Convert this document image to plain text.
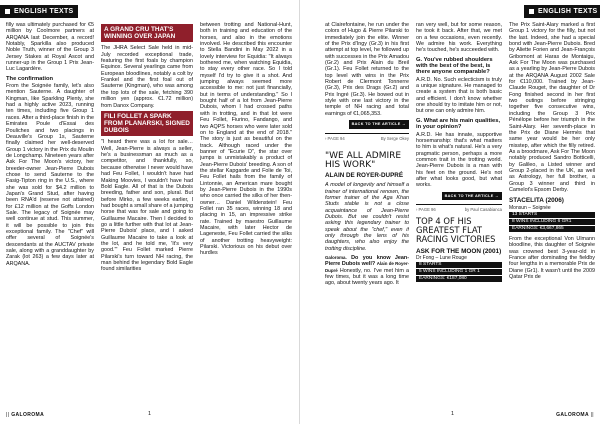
ENGLISH TEXTS

filly was ultimately purchased for €5 million by Coolmore partners at ARQANA last December, a record! Notably, Sparkilla also produced Noble Truth, winner of the Group 3 Jersey Stakes at Royal Ascot and runner-up in the Group 1 Prix Jean-Luc Lagardère.

The confirmation

From the Soignée family, let's also mention Sauterne. A daughter of Kingman, like Sparkling Plenty, she had a highly active 2023, running ten times, including five Group 1 races. After a third-place finish in the Emirates Poule d'Essai des Pouliches and two placings in Deauville's Group 1s, Sauterne finally claimed her well-deserved Group 1 victory in the Prix du Moulin de Longchamp. Nineteen years after Ask For The Moon's victory, her breeder-owner Jean-Pierre Dubois chose to send Sauterne to the Fasig-Tipton ring in the U.S., where she was sold for $4.2 million to Japan's Grand Stud, after having been RNA'd (reserve not attained) for £12 million at the Goffs London Sale. The legacy of Soignée may well continue at stud. This summer, it will be possible to join this exceptional family. The "Chef" will offer several of Soignée's descendants at the AUCTAV private sale, along with a granddaughter by Zarak (lot 263) a few days later at ARQANA.

A GRAND CRU THAT'S WINNING OVER JAPAN

The JHRA Select Sale held in mid-July recorded exceptional trade, featuring the first foals by champion Equinox. Several yearlings came from European bloodlines, notably a colt by Frankel and the first foal out of Sauterne (Kingman), who was among the top lots of the sale, fetching 390 million yen (approx. €1.72 million) from Danox Company.

FILI FOLLET A SPARK FROM PLANARSKI, SIGNED DUBOIS

"I heard there was a lot for sale… Well, Jean-Pierre is always a seller, he's a businessman as much as a competitor, and thankfully, so, because otherwise I never would have had Feu Follet, I wouldn't have had Making Moovies, I wouldn't have had Bold Eagle. All of that is the Dubois breeding, father and son, plural. But before Mirko, a few weeks earlier, I had bought a small share of a jumping horse that was for sale and going to Guillaume Macaire. Then I decided to go a little further with that lot at Jean-Pierre Dubois' place, and I asked Guillaume Macaire to take a look at the lot, and he told me, 'It's very good.'" Feu Follet marked Pierre Pilarski's turn toward NH racing, the man behind the legendary Bold Eagle found similarities

between trotting and National-Hunt, both in training and education of the horses, and also in the emotions involved. He described this encounter to Stella Bandini in May 2022 in a lovely interview for Equidia: "It always bothered me, when watching Equidia, to stay every other race. So I told myself I'd try to give it a shot. And jumping always seemed more accessible to me: not just financially, but in terms of understanding." So I bought half of a lot from Jean-Pierre Dubois, whom I had crossed paths with in trotting, and in that lot were Feu Follet, Fiurino, Fandango, and two AQPS horses who were later sold on to England at the end of 2018." The story is just as beautiful on the track. Although raced under the banner of "Ecurie D", the star over jumps is unmistakably a product of Jean-Pierre Dubois' breeding. A son of the stellar Kapgarde and Folie de Toi, Feu Follet hails from the family of Lintonnie, an American mare bought by Jean-Pierre Dubois in the 1990s who once carried the silks of her then-owner… Daniel Wildenstein! Feu Follet ran 35 races, winning 18 and placing in 15, an impressive strike rate. Trained by maestro Guillaume Macaire, with later Hector de Lageneste, Feu Follet carried the silks of another trotting heavyweight: Pilarski. Victorious on his debut over hurdles

|| GALOROMA	1
ENGLISH TEXTS

at Clairefontaine, he run under the colors of Hugo & Pierre Pilarski to immediately join the elite. Winner of the Prix d'Ingy (Gr.3) in his first attempt at top level, he followed up with successes in the Prix Amadou (Gr.2) and Prix Alain du Breil (Gr.1). Feu Follet returned to the top level with wins in the Prix Robert de Clermont Tonnerre (Gr.3), Prix des Drags (Gr.2) and Prix Ingré (Gr.3). He bowed out in style with one last victory in the temple of NH racing and total earnings of €1,065,353.

BACK TO THE ARTICLE →
› PAGE 94	By Serge Okey
"WE ALL ADMIRE HIS WORK"
ALAIN DE ROYER-DUPRÉ

A model of longevity and himself a trainer of international renown, the former trainer of the Aga Khan Studs stable is not a close acquaintance of Jean-Pierre Dubois. But we couldn't resist asking this legendary trainer to speak about the "chef," even if only through the lens of his daughters, who also enjoy the trotting discipline.

Galoroma. Do you know Jean-Pierre Dubois well? Alain de Royer-Dupré Honestly, no. I've met him a few times, but it was a long time ago, about twenty years ago. It

ran very well, but for some reason, he took it back. After that, we met on a few occasions, even recently. We admire his work. Everything he's touched, he's succeeded with.

G. You've rubbed shoulders with the best of the best, is there anyone comparable?

A.R.D. No. Such eclecticism is truly a unique signature. He managed to create a system that is both basic and efficient. I don't know whether one should try to imitate him or not, but one can only admire him.

G. What are his main qualities, in your opinion?

A.R.D. He has innate, supportive horsemanship: that's what matters to him is what's natural. He's a very pragmatic person, perhaps a more common trait in the trotting world. Jean-Pierre Dubois is a man with his feet on the ground. He's not after what looks good, but what works.

BACK TO THE ARTICLE →
› PAGE 96	by Paul Casabianca
TOP 4 OF HIS GREATEST FLAT RACING VICTORIES
ASK FOR THE MOON (2001)
Dr Fong – Lune Rouge
8 STARTS
5 WINS INCLUDING 1 GR 1
EARNINGS: €187,080

The Prix Saint-Alary marked a first Group 1 victory for the filly, but not the last. Indeed, she had a special bond with Jean-Pierre Dubois. Bred by Aliette Forien and Jean-François Gribomont at Haras de Montaigu, Ask For The Moon was purchased as a yearling by Jean-Pierre Dubois at the ARQANA August 2002 Sale for €110,000. Trained by Jean-Claude Rouget, the daughter of Dr Fong finished second in her first two outings before stringing together five consecutive wins, including the Group 3 Prix Pénélope before her triumph in the Saint-Alary. Her seventh-place in the Prix de Diane Hermès that same year would be her only misstep, after which the filly retired. As a broodmare, Ask For The Moon notably produced Sandro Botticelli, by Galileo, a Listed winner and Group 2-placed in the UK, as well as Astrology, her full brother, a Group 3 winner and third in Camelot's Epsom Derby.

STACELITA (2006)
Monsun – Soignée
13 STARTS
8 WINS INCLUDING 6 GR1
EARNINGS: €3,667,865

From the exceptional Von Ulmann bloodline, this daughter of Soignée was crowned best 3-year-old in France after dominating the fieldby four lengths in a memorable Prix de Diane (Gr1). It wasn't until the 2009 Qatar Prix de

1	GALOROMA ||
